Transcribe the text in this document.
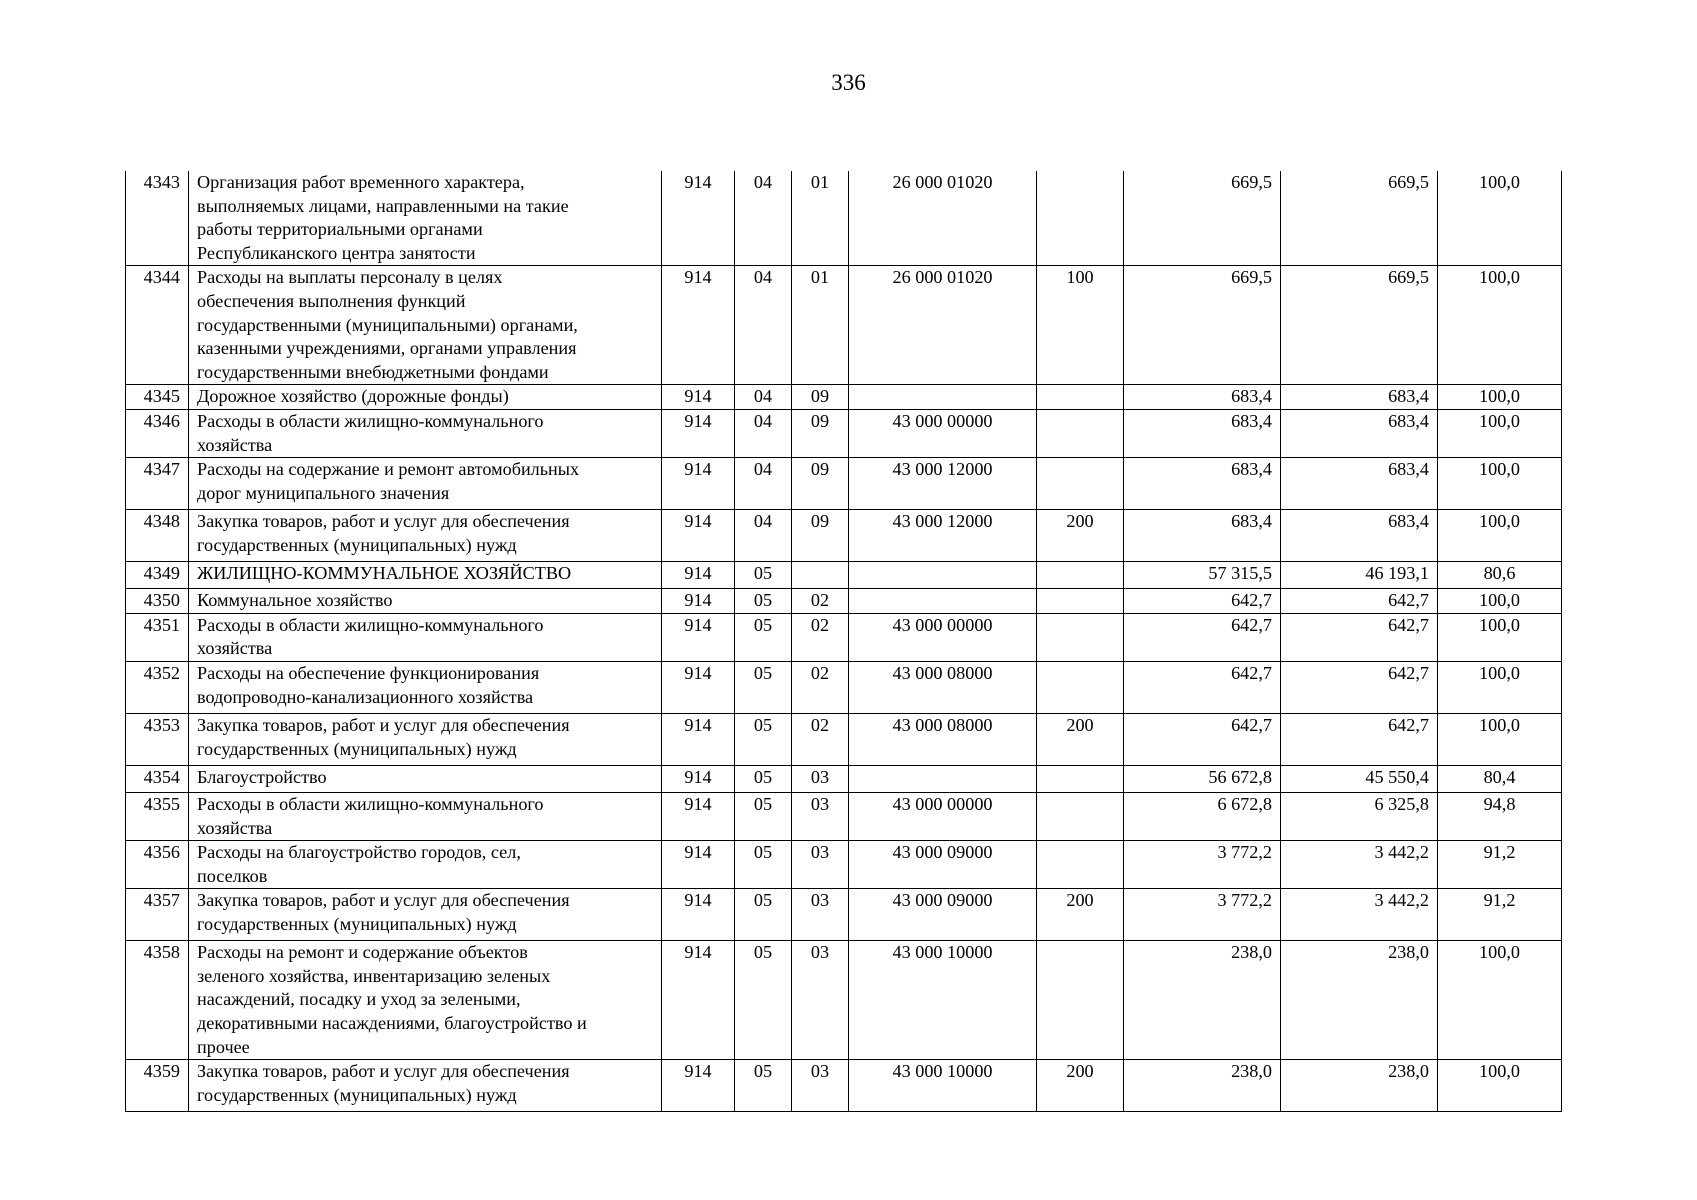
336
4343	Организация работ временного характера,
выполняемых лицами, направленными на такие
работы территориальными органами
Республиканского центра занятости	914	04	01	26 000 01020		669,5	669,5	100,0
4344	Расходы на выплаты персоналу в целях
обеспечения выполнения функций
государственными (муниципальными) органами,
казенными учреждениями, органами управления
государственными внебюджетными фондами	914	04	01	26 000 01020	100	669,5	669,5	100,0
4345	Дорожное хозяйство (дорожные фонды)	914	04	09			683,4	683,4	100,0
4346	Расходы в области жилищно-коммунального
хозяйства	914	04	09	43 000 00000		683,4	683,4	100,0
4347	Расходы на содержание и ремонт автомобильных
дорог муниципального значения	914	04	09	43 000 12000		683,4	683,4	100,0
4348	Закупка товаров, работ и услуг для обеспечения
государственных (муниципальных) нужд	914	04	09	43 000 12000	200	683,4	683,4	100,0
4349	ЖИЛИЩНО-КОММУНАЛЬНОЕ ХОЗЯЙСТВО	914	05				57 315,5	46 193,1	80,6
4350	Коммунальное хозяйство	914	05	02			642,7	642,7	100,0
4351	Расходы в области жилищно-коммунального
хозяйства	914	05	02	43 000 00000		642,7	642,7	100,0
4352	Расходы на обеспечение функционирования
водопроводно-канализационного хозяйства	914	05	02	43 000 08000		642,7	642,7	100,0
4353	Закупка товаров, работ и услуг для обеспечения
государственных (муниципальных) нужд	914	05	02	43 000 08000	200	642,7	642,7	100,0
4354	Благоустройство	914	05	03			56 672,8	45 550,4	80,4
4355	Расходы в области жилищно-коммунального
хозяйства	914	05	03	43 000 00000		6 672,8	6 325,8	94,8
4356	Расходы на благоустройство городов, сел,
поселков	914	05	03	43 000 09000		3 772,2	3 442,2	91,2
4357	Закупка товаров, работ и услуг для обеспечения
государственных (муниципальных) нужд	914	05	03	43 000 09000	200	3 772,2	3 442,2	91,2
4358	Расходы на ремонт и содержание объектов
зеленого хозяйства, инвентаризацию зеленых
насаждений, посадку и уход за зелеными,
декоративными насаждениями, благоустройство и
прочее	914	05	03	43 000 10000		238,0	238,0	100,0
4359	Закупка товаров, работ и услуг для обеспечения
государственных (муниципальных) нужд	914	05	03	43 000 10000	200	238,0	238,0	100,0
